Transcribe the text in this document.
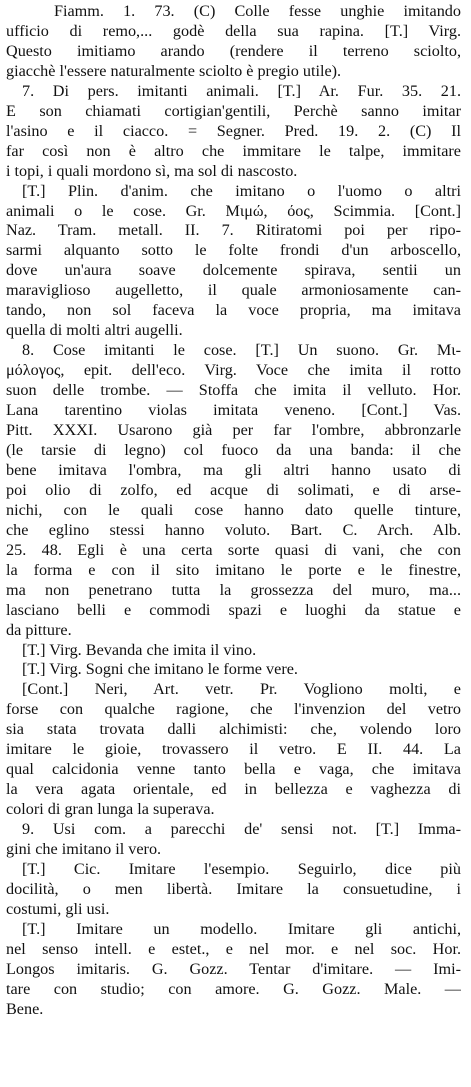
Fiamm. 1. 73. (C) Colle fesse unghie imitando
ufficio di remo,... godè della sua rapina. [T.] Virg.
Questo imitiamo arando (rendere il terreno sciolto,
giacchè l'essere naturalmente sciolto è pregio utile).
7. Di pers. imitanti animali. [T.] Ar. Fur. 35. 21.
E son chiamati cortigian'gentili, Perchè sanno imitar
l'asino e il ciacco. = Segner. Pred. 19. 2. (C) Il
far così non è altro che immitare le talpe, immitare
i topi, i quali mordono sì, ma sol di nascosto.
[T.] Plin. d'anim. che imitano o l'uomo o altri
animali o le cose. Gr. Μιμώ, όος, Scimmia. [Cont.]
Naz. Tram. metall. II. 7. Ritiratomi poi per ripo-
sarmi alquanto sotto le folte frondi d'un arboscello,
dove un'aura soave dolcemente spirava, sentii un
maraviglioso augelletto, il quale armoniosamente can-
tando, non sol faceva la voce propria, ma imitava
quella di molti altri augelli.
8. Cose imitanti le cose. [T.] Un suono. Gr. Μι-
μόλογος, epit. dell'eco. Virg. Voce che imita il rotto
suon delle trombe. — Stoffa che imita il velluto. Hor.
Lana tarentino violas imitata veneno. [Cont.] Vas.
Pitt. XXXI. Usarono già per far l'ombre, abbronzarle
(le tarsie di legno) col fuoco da una banda: il che
bene imitava l'ombra, ma gli altri hanno usato di
poi olio di zolfo, ed acque di solimati, e di arse-
nichi, con le quali cose hanno dato quelle tinture,
che eglino stessi hanno voluto. Bart. C. Arch. Alb.
25. 48. Egli è una certa sorte quasi di vani, che con
la forma e con il sito imitano le porte e le finestre,
ma non penetrano tutta la grossezza del muro, ma...
lasciano belli e commodi spazi e luoghi da statue e
da pitture.
[T.] Virg. Bevanda che imita il vino.
[T.] Virg. Sogni che imitano le forme vere.
[Cont.] Neri, Art. vetr. Pr. Vogliono molti, e
forse con qualche ragione, che l'invenzion del vetro
sia stata trovata dalli alchimisti: che, volendo loro
imitare le gioie, trovassero il vetro. E II. 44. La
qual calcidonia venne tanto bella e vaga, che imitava
la vera agata orientale, ed in bellezza e vaghezza di
colori di gran lunga la superava.
9. Usi com. a parecchi de' sensi not. [T.] Imma-
gini che imitano il vero.
[T.] Cic. Imitare l'esempio. Seguirlo, dice più
docilità, o men libertà. Imitare la consuetudine, i
costumi, gli usi.
[T.] Imitare un modello. Imitare gli antichi,
nel senso intell. e estet., e nel mor. e nel soc. Hor.
Longos imitaris. G. Gozz. Tentar d'imitare. — Imi-
tare con studio; con amore. G. Gozz. Male. —
Bene.
